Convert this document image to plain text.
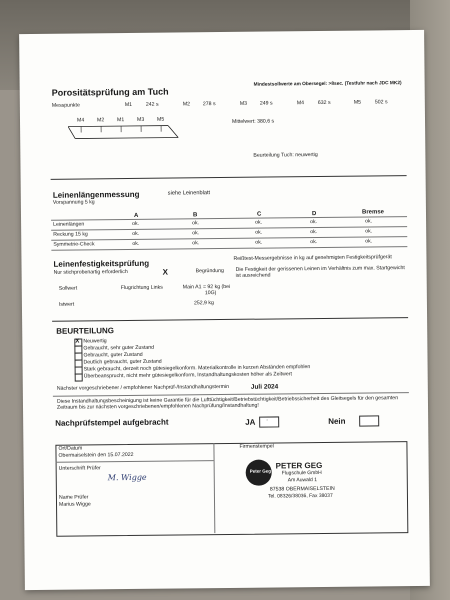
Porositätsprüfung am Tuch
Mindestsollwerte am Obersegel: >8sec. (Testfuhr nach JDC MK2)
Messpunkte	M1	242 s	M2 278 s	M3 249 s	M4	632 s	M5	502 s
M4 M2 M1 M3 M5	Mittelwert: 380,6 s
Beurteilung Tuch: neuwertig
Leinenlängenmessung	siehe Leinenblatt
Vorspannung 5 kg
A	B	C	D	Bremse
Leinenlängen	ok.	ok.	ok.	ok.	ok.
Reckung 15 kg	ok.	ok.	ok.	ok.	ok.
Symmetrie-Check	ok.	ok.	ok.	ok.	ok.
Leinenfestigkeitsprüfung
Reißtest-Messergebnisse in kg auf genehmigten Festigkeitsprüfgerät
Nur stichprobenartig erforderlich	X	Begründung Die Festigkeit der gerissenen Leinen im Verhältnis zum max. Startgewicht
ist ausreichend
Sollwert	Flugrichtung Links	Main A1 = 92 kg (bei
10G)
Istwert	252,9 kg
BEURTEILUNG
X Neuwertig
Gebraucht, sehr guter Zustand
Gebraucht, guter Zustand
Deutlich gebraucht, guter Zustand
Stark gebraucht, derzeit noch gütesiegelkonform. Materialkontrolle in kurzen Abständen empfohlen
Überbeansprucht, nicht mehr gütesiegelkonform, Instandhaltungskosten höher als Zeitwert
Nächster vorgeschriebener / empfohlener Nachprüf-/Instandhaltungstermin	Juli 2024
Diese Instandhaltungsbescheinigung ist keine Garantie für die Lufttüchtigkeit/Betriebstüchtigkeit/Betriebssicherheit des Gleitsegels für den gesamten
Zeitraum bis zur nächsten vorgeschriebenen/empfohlenen Nachprüfung/Instandhaltung!
Nachprüfstempel aufgebracht	JA ·	Nein
Ort/Datum
Obermaiselstein den 15.07.2022
Firmenstempel
Unterschrift Prüfer
M. Wigge
Name Prüfer
Marius Wigge
Peter Geg
PETER GEG
Flugschule GmbH
Am Auwald 1
87538 OBERMAISELSTEIN
Tel. 08326/38036, Fax 38037
